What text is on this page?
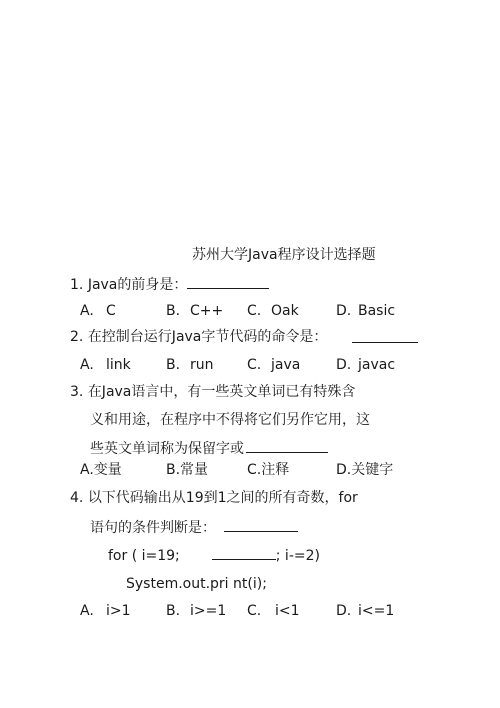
苏州大学Java程序设计选择题
1. Java的前身是：
A. C	B. C++ C. Oak	D. Basic
2. 在控制台运行Java字节代码的命令是：
A. link	B. run C. java	D. javac
3. 在Java语言中，有一些英文单词已有特殊含
义和用途，在程序中不得将它们另作它用，这
些英文单词称为保留字或
A.变量	B.常量	C.注释	D.关键字
4. 以下代码输出从19到1之间的所有奇数，for
语句的条件判断是：
for ( i=19;	; i-=2)
System.out.pri nt(i);
A. i>1	B. i>=1 C. i<1	D. i<=1
